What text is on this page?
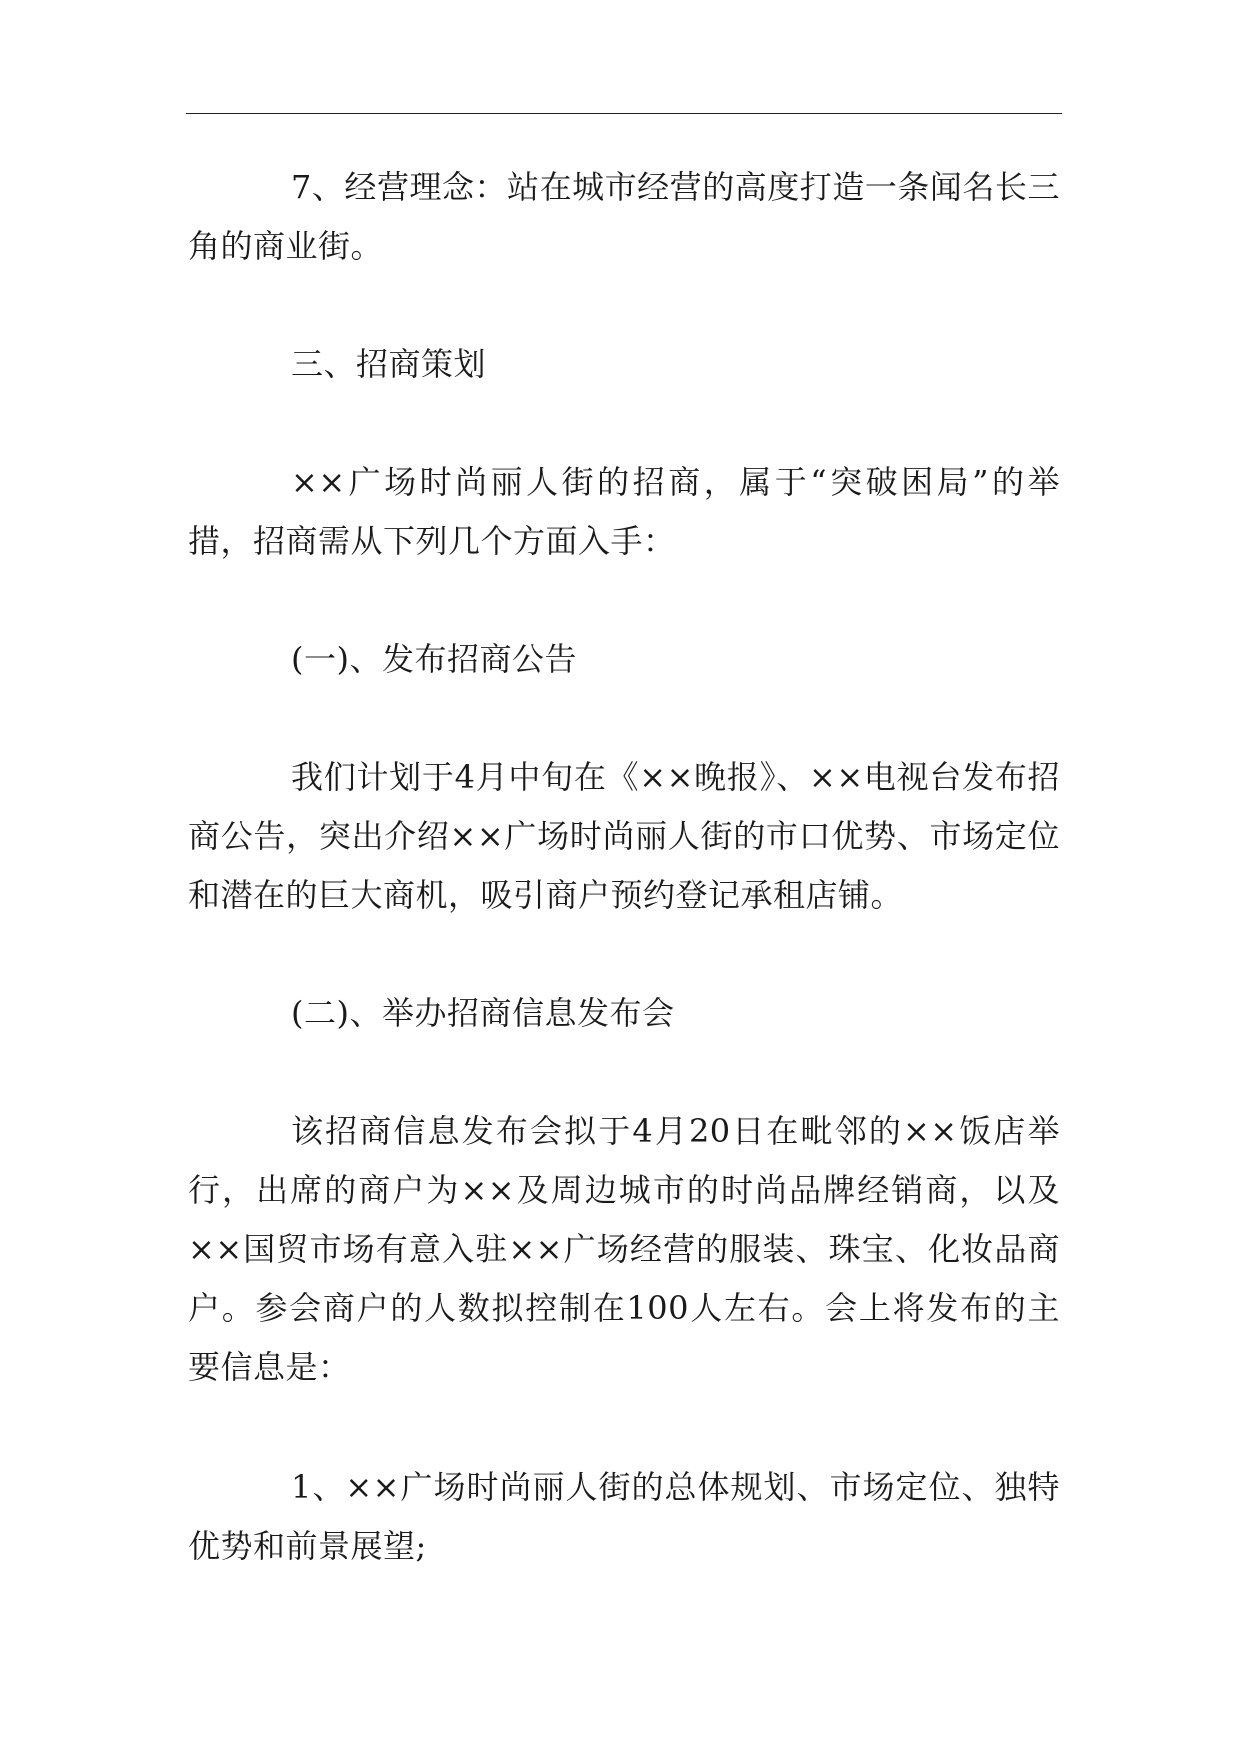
7、经营理念：站在城市经营的高度打造一条闻名长三角的商业街。

三、招商策划

××广场时尚丽人街的招商，属于“突破困局”的举措，招商需从下列几个方面入手：

(一)、发布招商公告

我们计划于4月中旬在《××晚报》、××电视台发布招商公告，突出介绍××广场时尚丽人街的市口优势、市场定位和潜在的巨大商机，吸引商户预约登记承租店铺。

(二)、举办招商信息发布会

该招商信息发布会拟于4月20日在毗邻的××饭店举行，出席的商户为××及周边城市的时尚品牌经销商，以及××国贸市场有意入驻××广场经营的服装、珠宝、化妆品商户。参会商户的人数拟控制在100人左右。会上将发布的主要信息是：

1、××广场时尚丽人街的总体规划、市场定位、独特优势和前景展望;
